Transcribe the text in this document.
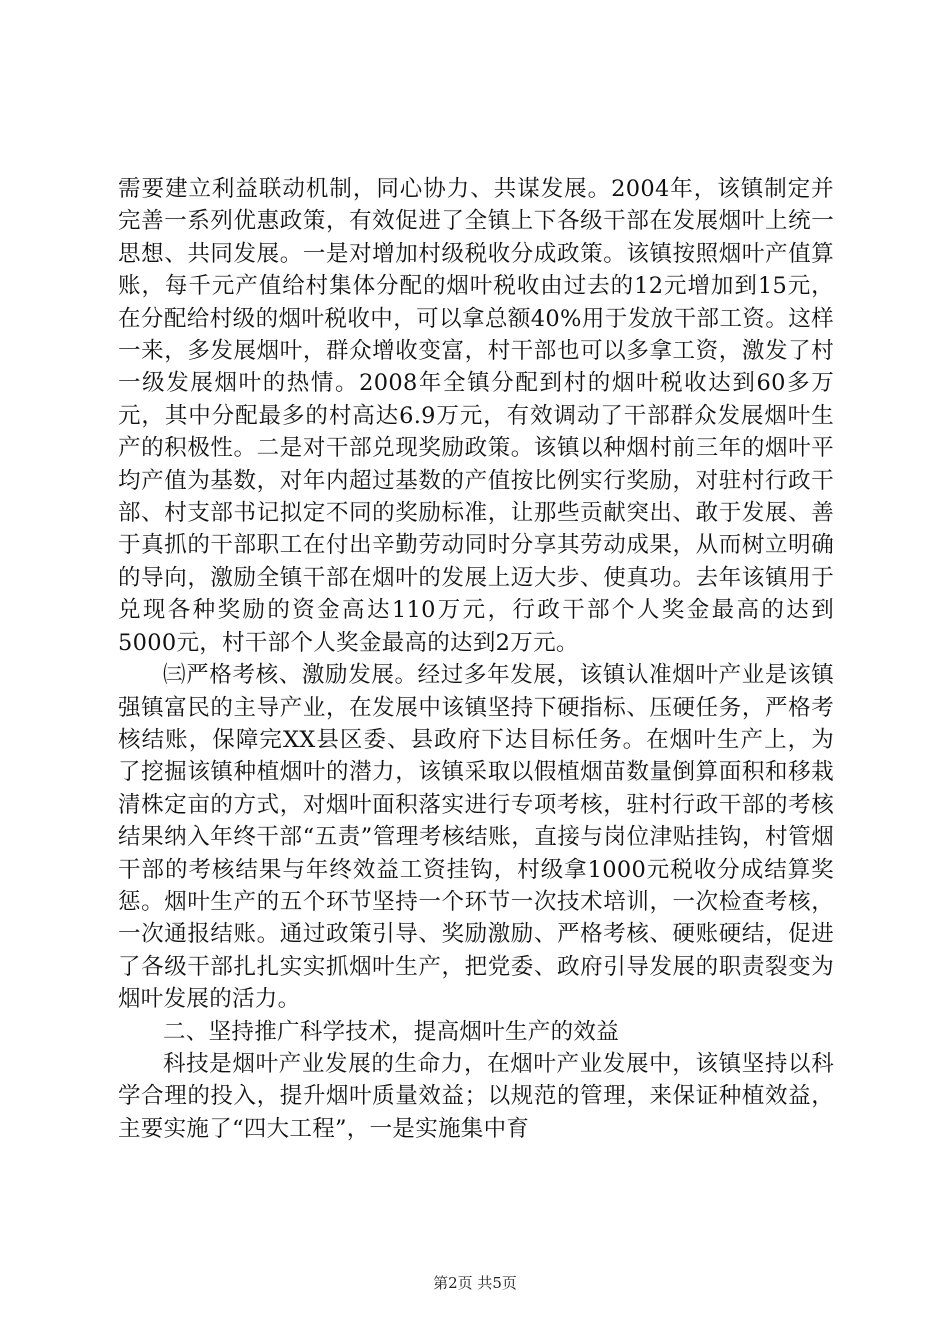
需要建立利益联动机制，同心协力、共谋发展。2004年，该镇制定并完善一系列优惠政策，有效促进了全镇上下各级干部在发展烟叶上统一思想、共同发展。一是对增加村级税收分成政策。该镇按照烟叶产值算账，每千元产值给村集体分配的烟叶税收由过去的12元增加到15元，在分配给村级的烟叶税收中，可以拿总额40%用于发放干部工资。这样一来，多发展烟叶，群众增收变富，村干部也可以多拿工资，激发了村一级发展烟叶的热情。2008年全镇分配到村的烟叶税收达到60多万元，其中分配最多的村高达6.9万元，有效调动了干部群众发展烟叶生产的积极性。二是对干部兑现奖励政策。该镇以种烟村前三年的烟叶平均产值为基数，对年内超过基数的产值按比例实行奖励，对驻村行政干部、村支部书记拟定不同的奖励标准，让那些贡献突出、敢于发展、善于真抓的干部职工在付出辛勤劳动同时分享其劳动成果，从而树立明确的导向，激励全镇干部在烟叶的发展上迈大步、使真功。去年该镇用于兑现各种奖励的资金高达110万元，行政干部个人奖金最高的达到5000元，村干部个人奖金最高的达到2万元。

㈢严格考核、激励发展。经过多年发展，该镇认准烟叶产业是该镇强镇富民的主导产业，在发展中该镇坚持下硬指标、压硬任务，严格考核结账，保障完XX县区委、县政府下达目标任务。在烟叶生产上，为了挖掘该镇种植烟叶的潜力，该镇采取以假植烟苗数量倒算面积和移栽清株定亩的方式，对烟叶面积落实进行专项考核，驻村行政干部的考核结果纳入年终干部“五责”管理考核结账，直接与岗位津贴挂钩，村管烟干部的考核结果与年终效益工资挂钩，村级拿1000元税收分成结算奖惩。烟叶生产的五个环节坚持一个环节一次技术培训，一次检查考核，一次通报结账。通过政策引导、奖励激励、严格考核、硬账硬结，促进了各级干部扎扎实实抓烟叶生产，把党委、政府引导发展的职责裂变为烟叶发展的活力。

二、坚持推广科学技术，提高烟叶生产的效益

科技是烟叶产业发展的生命力，在烟叶产业发展中，该镇坚持以科学合理的投入，提升烟叶质量效益；以规范的管理，来保证种植效益，主要实施了“四大工程”，一是实施集中育

第2页 共5页
